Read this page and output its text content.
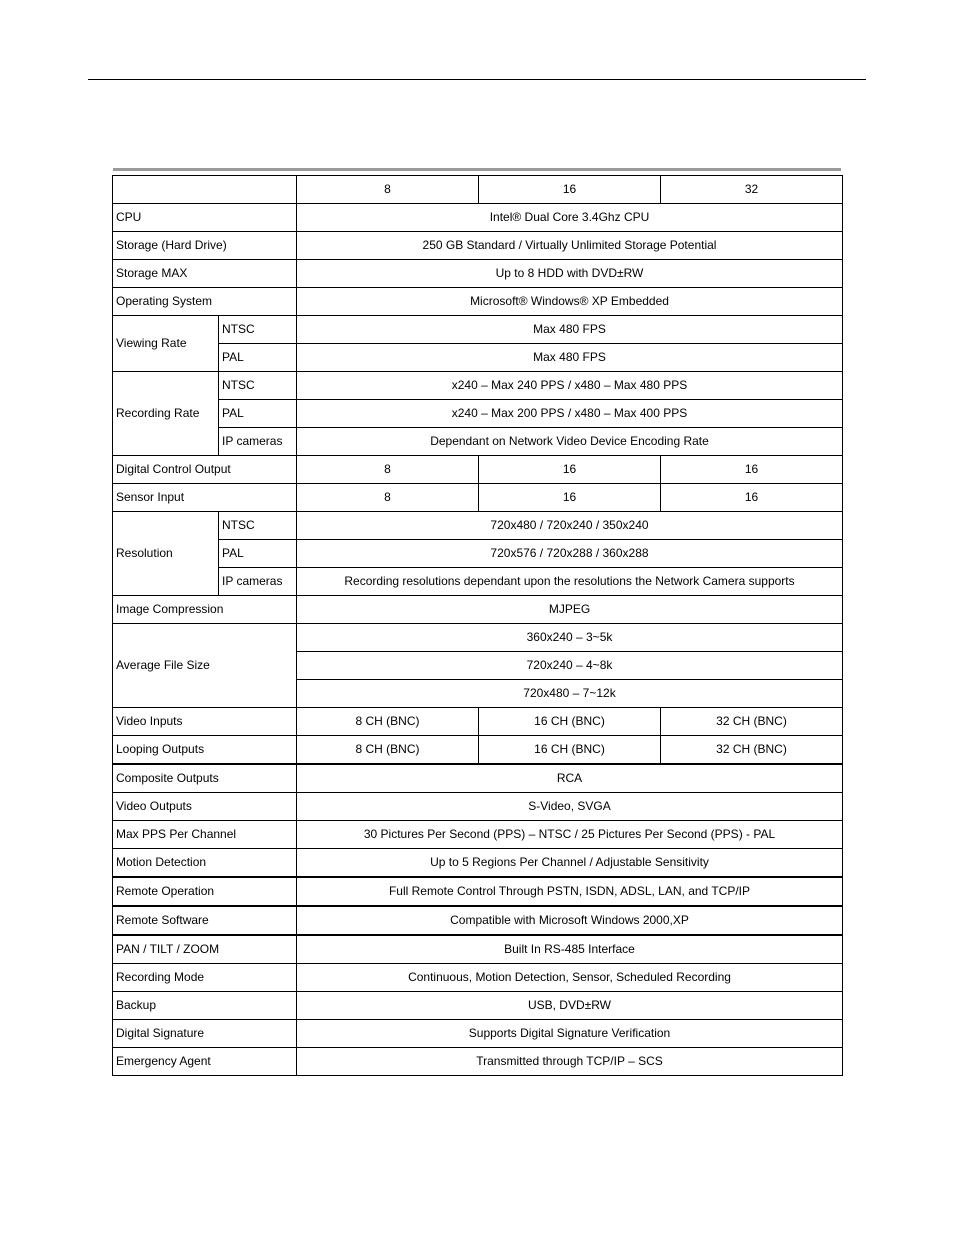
		8	16	32
CPU		Intel® Dual Core 3.4Ghz CPU		
Storage (Hard Drive)		250 GB Standard / Virtually Unlimited Storage Potential		
Storage MAX		Up to 8 HDD with DVD±RW		
Operating System		Microsoft® Windows® XP Embedded		
Viewing Rate	NTSC	Max 480 FPS		
	PAL	Max 480 FPS		
Recording Rate	NTSC	x240 – Max 240 PPS / x480 – Max 480 PPS		
	PAL	x240 – Max 200 PPS / x480 – Max 400 PPS		
	IP cameras	Dependant on Network Video Device Encoding Rate		
Digital Control Output		8	16	16
Sensor Input		8	16	16
Resolution	NTSC	720x480 / 720x240 / 350x240		
	PAL	720x576 / 720x288 / 360x288		
	IP cameras	Recording resolutions dependant upon the resolutions the Network Camera supports		
Image Compression		MJPEG		
Average File Size		360x240 – 3~5k		
		720x240 – 4~8k		
		720x480 – 7~12k		
Video Inputs		8 CH (BNC)	16 CH (BNC)	32 CH (BNC)
Looping Outputs		8 CH (BNC)	16 CH (BNC)	32 CH (BNC)
Composite Outputs		RCA		
Video Outputs		S-Video, SVGA		
Max PPS Per Channel		30 Pictures Per Second (PPS) – NTSC / 25 Pictures Per Second (PPS) - PAL		
Motion Detection		Up to 5 Regions Per Channel / Adjustable Sensitivity		
Remote Operation		Full Remote Control Through PSTN, ISDN, ADSL, LAN, and TCP/IP		
Remote Software		Compatible with Microsoft Windows 2000,XP		
PAN / TILT / ZOOM		Built In RS-485 Interface		
Recording Mode		Continuous, Motion Detection, Sensor, Scheduled Recording		
Backup		USB, DVD±RW		
Digital Signature		Supports Digital Signature Verification		
Emergency Agent		Transmitted through TCP/IP – SCS		
